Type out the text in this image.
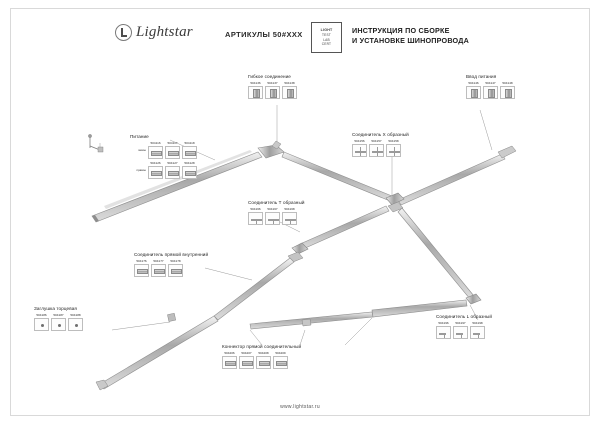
Lightstar	АРТИКУЛЫ 50#XXX	LIGHT
TEST
LAB
CERT
ИНСТРУКЦИЯ ПО СБОРКЕ
И УСТАНОВКЕ ШИНОПРОВОДА
Питание
левое
504116 504117 504118
правое
504126 504127 504128
Гибкое соединение
504136 504137 504138
Ввод питания
504146 504147 504148
Соединитель Х образный
504156 504157 504158
Соединитель Т образный
504166 504167 504168
Соединитель прямой внутренний
504176 504177 504178
Заглушка торцевая
504186 504187 504188	Соединитель L образный
504196 504197 504198
Коннектор прямой соединительный
504206 504207 504208 504209
www.lightstar.ru
